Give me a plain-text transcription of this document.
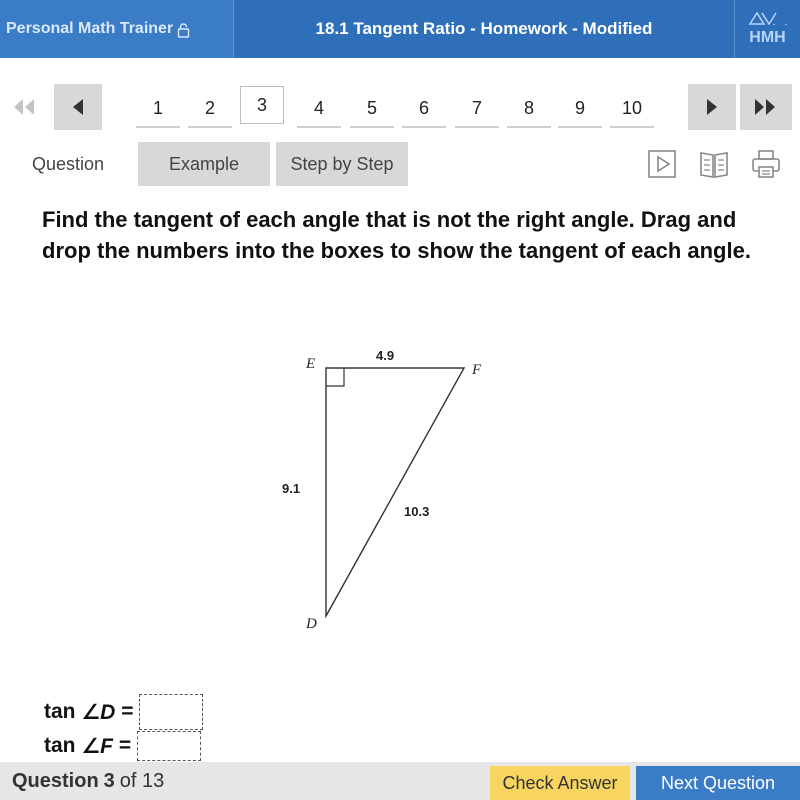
Personal Math Trainer	18.1 Tangent Ratio - Homework - Modified	HMH
1	2	3	4	5	6	7	8	9	10
Question	Example	Step by Step
Find the tangent of each angle that is not the right angle. Drag and drop the numbers into the boxes to show the tangent of each angle.
E	F
D
4.9
9.1
10.3
tan
∠D
=
tan
∠F
=
Question 3 of 13	Check Answer	Next Question
